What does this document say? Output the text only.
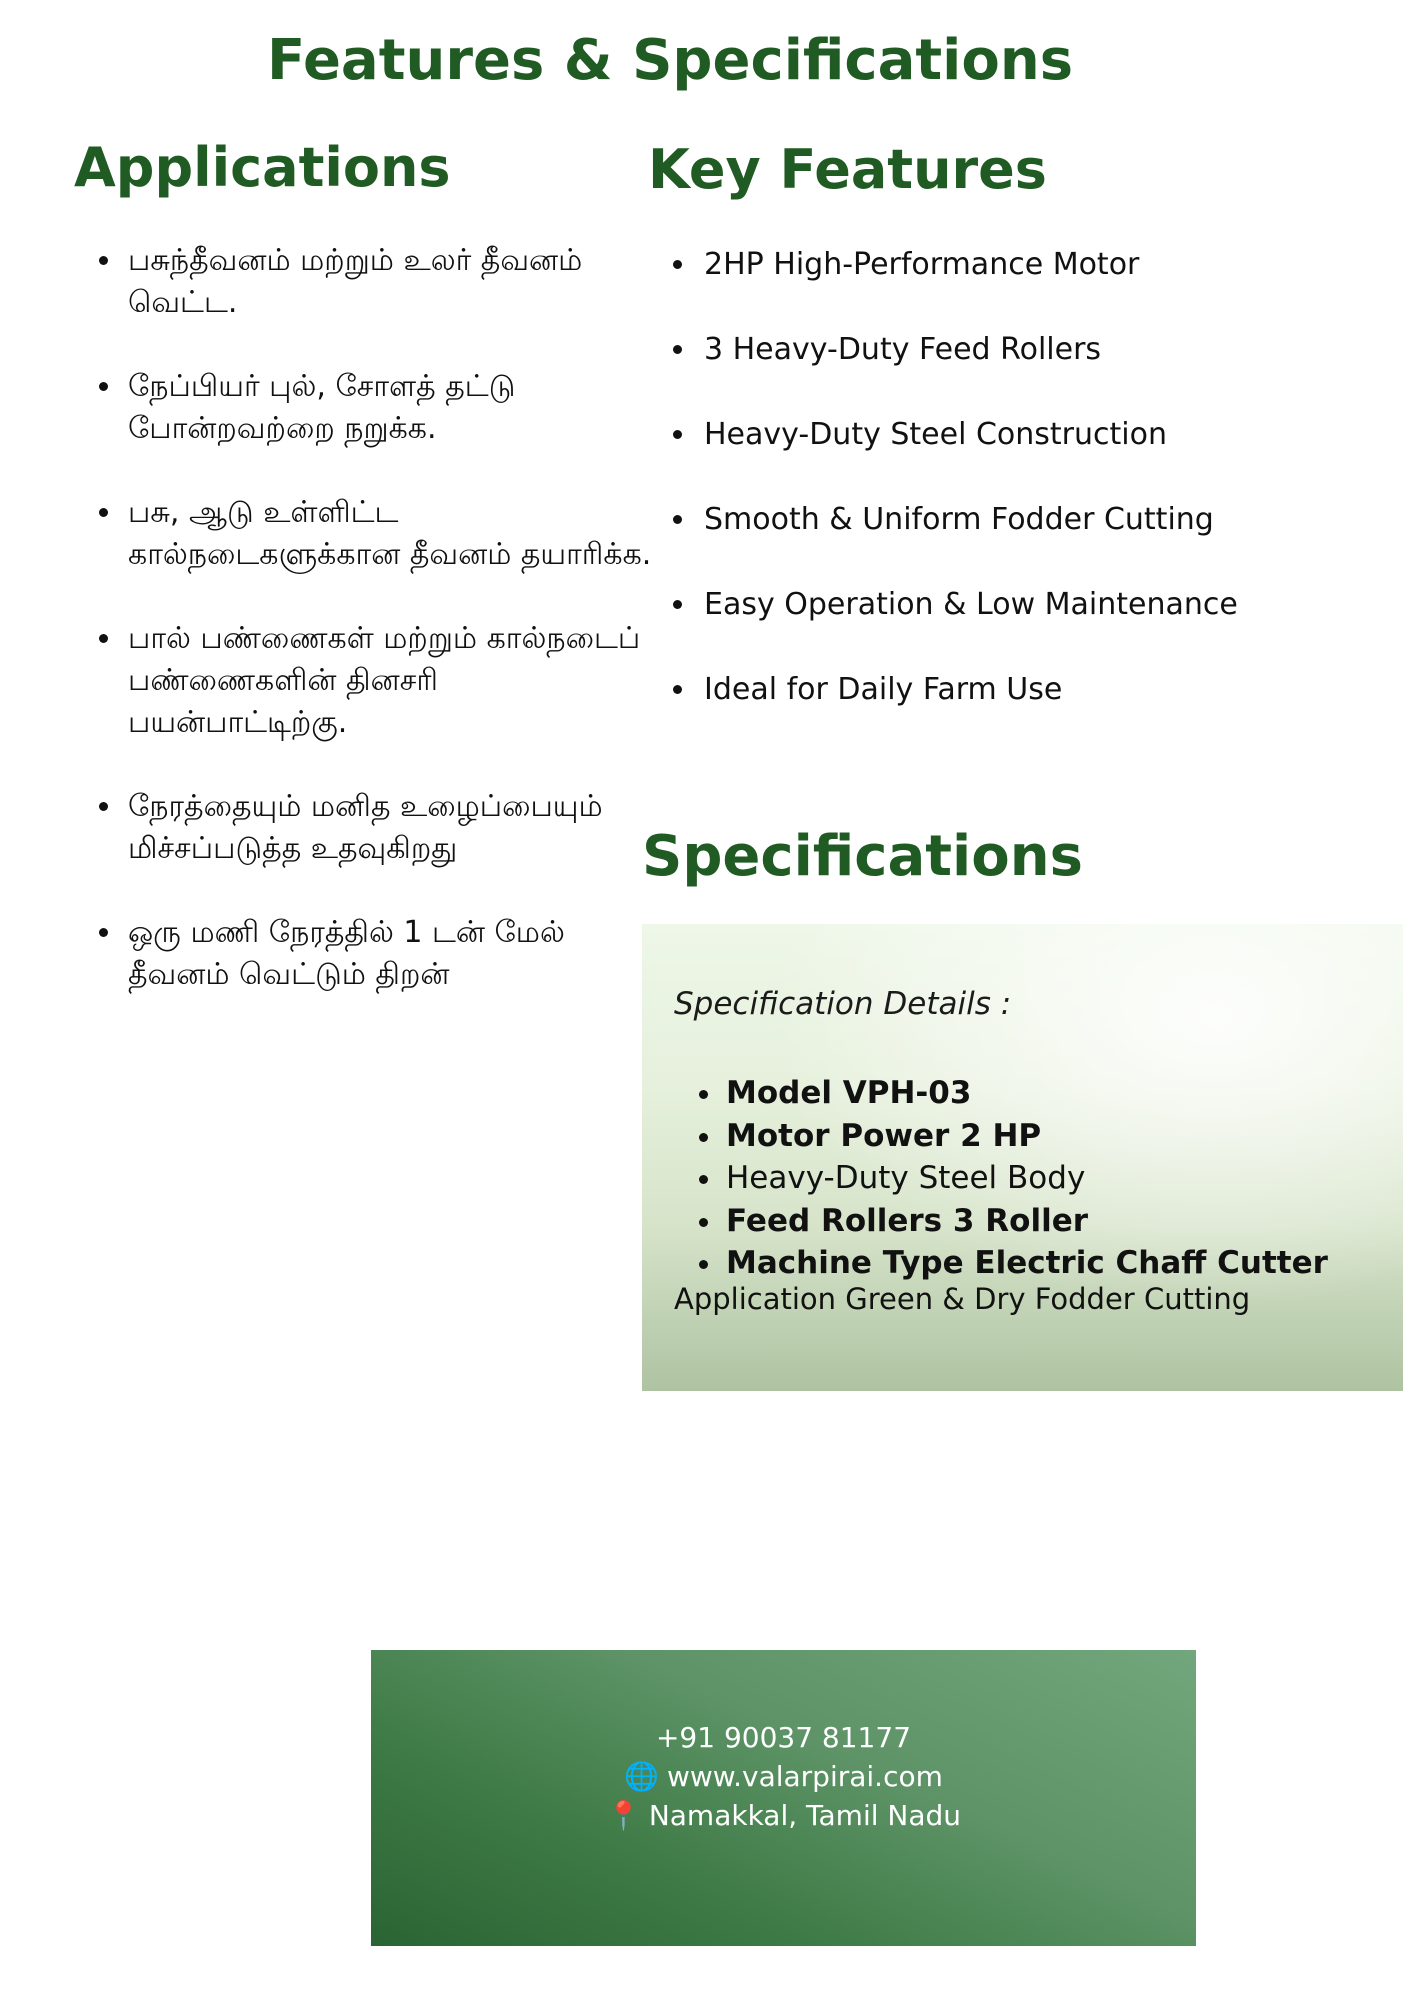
Features & Specifications
Applications
• பசுந்தீவனம் மற்றும் உலர் தீவனம் வெட்ட.
• நேப்பியர் புல், சோளத் தட்டு போன்றவற்றை நறுக்க.
• பசு, ஆடு உள்ளிட்ட கால்நடைகளுக்கான தீவனம் தயாரிக்க.
• பால் பண்ணைகள் மற்றும் கால்நடைப் பண்ணைகளின் தினசரி பயன்பாட்டிற்கு.
• நேரத்தையும் மனித உழைப்பையும் மிச்சப்படுத்த உதவுகிறது
• ஒரு மணி நேரத்தில் 1 டன் மேல் தீவனம் வெட்டும் திறன்
Key Features
• 2HP High-Performance Motor
• 3 Heavy-Duty Feed Rollers
• Heavy-Duty Steel Construction
• Smooth & Uniform Fodder Cutting
• Easy Operation & Low Maintenance
• Ideal for Daily Farm Use
Specifications

Specification Details :

• Model VPH-03
• Motor Power 2 HP
• Heavy-Duty Steel Body
• Feed Rollers 3 Roller
• Machine Type Electric Chaff Cutter

Application Green & Dry Fodder Cutting

+91 90037 81177
🌐 www.valarpirai.com
📍 Namakkal, Tamil Nadu
